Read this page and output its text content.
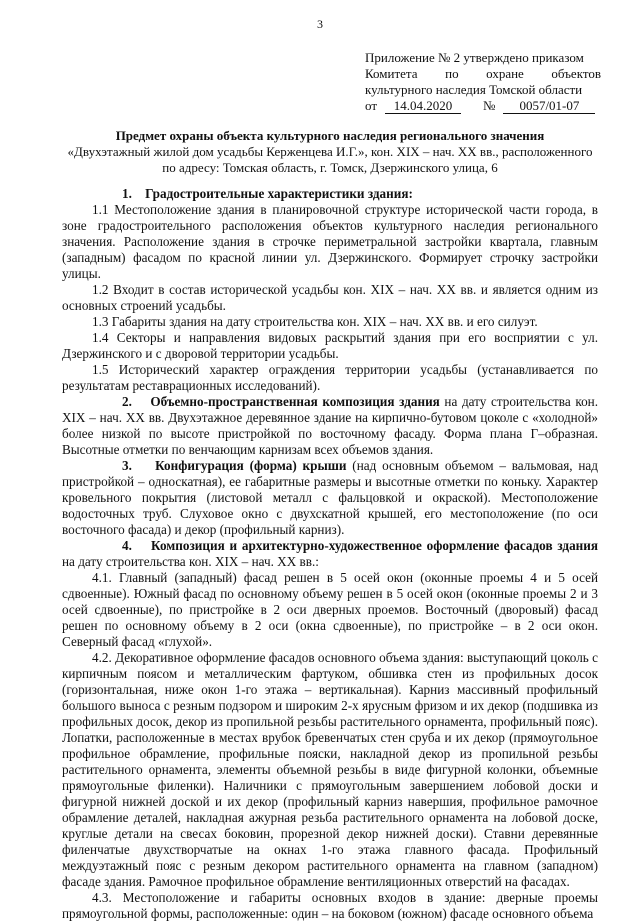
3
Приложение № 2 утверждено приказом
Комитета по охране объектов
культурного наследия Томской области
от 14.04.2020 № 0057/01-07
Предмет охраны объекта культурного наследия регионального значения
«Двухэтажный жилой дом усадьбы Керженцева И.Г.», кон. XIX – нач. XX вв., расположенного по адресу: Томская область, г. Томск, Дзержинского улица, 6

1. Градостроительные характеристики здания:

1.1 Местоположение здания в планировочной структуре исторической части города, в зоне градостроительного расположения объектов культурного наследия регионального значения. Расположение здания в строчке периметральной застройки квартала, главным (западным) фасадом по красной линии ул. Дзержинского. Формирует строчку застройки улицы.

1.2 Входит в состав исторической усадьбы кон. XIX – нач. XX вв. и является одним из основных строений усадьбы.

1.3 Габариты здания на дату строительства кон. XIX – нач. XX вв. и его силуэт.

1.4 Секторы и направления видовых раскрытий здания при его восприятии с ул. Дзержинского и с дворовой территории усадьбы.

1.5 Исторический характер ограждения территории усадьбы (устанавливается по результатам реставрационных исследований).

2. Объемно-пространственная композиция здания на дату строительства кон. XIX – нач. XX вв. Двухэтажное деревянное здание на кирпично-бутовом цоколе с «холодной» более низкой по высоте пристройкой по восточному фасаду. Форма плана Г–образная. Высотные отметки по венчающим карнизам всех объемов здания.

3. Конфигурация (форма) крыши (над основным объемом – вальмовая, над пристройкой – односкатная), ее габаритные размеры и высотные отметки по коньку. Характер кровельного покрытия (листовой металл с фальцовкой и окраской). Местоположение водосточных труб. Слуховое окно с двухскатной крышей, его местоположение (по оси восточного фасада) и декор (профильный карниз).

4. Композиция и архитектурно-художественное оформление фасадов здания на дату строительства кон. XIX – нач. XX вв.:

4.1. Главный (западный) фасад решен в 5 осей окон (оконные проемы 4 и 5 осей сдвоенные). Южный фасад по основному объему решен в 5 осей окон (оконные проемы 2 и 3 осей сдвоенные), по пристройке в 2 оси дверных проемов. Восточный (дворовый) фасад решен по основному объему в 2 оси (окна сдвоенные), по пристройке – в 2 оси окон. Северный фасад «глухой».

4.2. Декоративное оформление фасадов основного объема здания: выступающий цоколь с кирпичным поясом и металлическим фартуком, обшивка стен из профильных досок (горизонтальная, ниже окон 1-го этажа – вертикальная). Карниз массивный профильный большого выноса с резным подзором и широким 2-х ярусным фризом и их декор (подшивка из профильных досок, декор из пропильной резьбы растительного орнамента, профильный пояс). Лопатки, расположенные в местах врубок бревенчатых стен сруба и их декор (прямоугольное профильное обрамление, профильные пояски, накладной декор из пропильной резьбы растительного орнамента, элементы объемной резьбы в виде фигурной колонки, объемные прямоугольные филенки). Наличники с прямоугольным завершением лобовой доски и фигурной нижней доской и их декор (профильный карниз навершия, профильное рамочное обрамление деталей, накладная ажурная резьба растительного орнамента на лобовой доске, круглые детали на свесах боковин, прорезной декор нижней доски). Ставни деревянные филенчатые двухстворчатые на окнах 1-го этажа главного фасада. Профильный междуэтажный пояс с резным декором растительного орнамента на главном (западном) фасаде здания. Рамочное профильное обрамление вентиляционных отверстий на фасадах.

4.3. Местоположение и габариты основных входов в здание: дверные проемы прямоугольной формы, расположенные: один – на боковом (южном) фасаде основного объема
